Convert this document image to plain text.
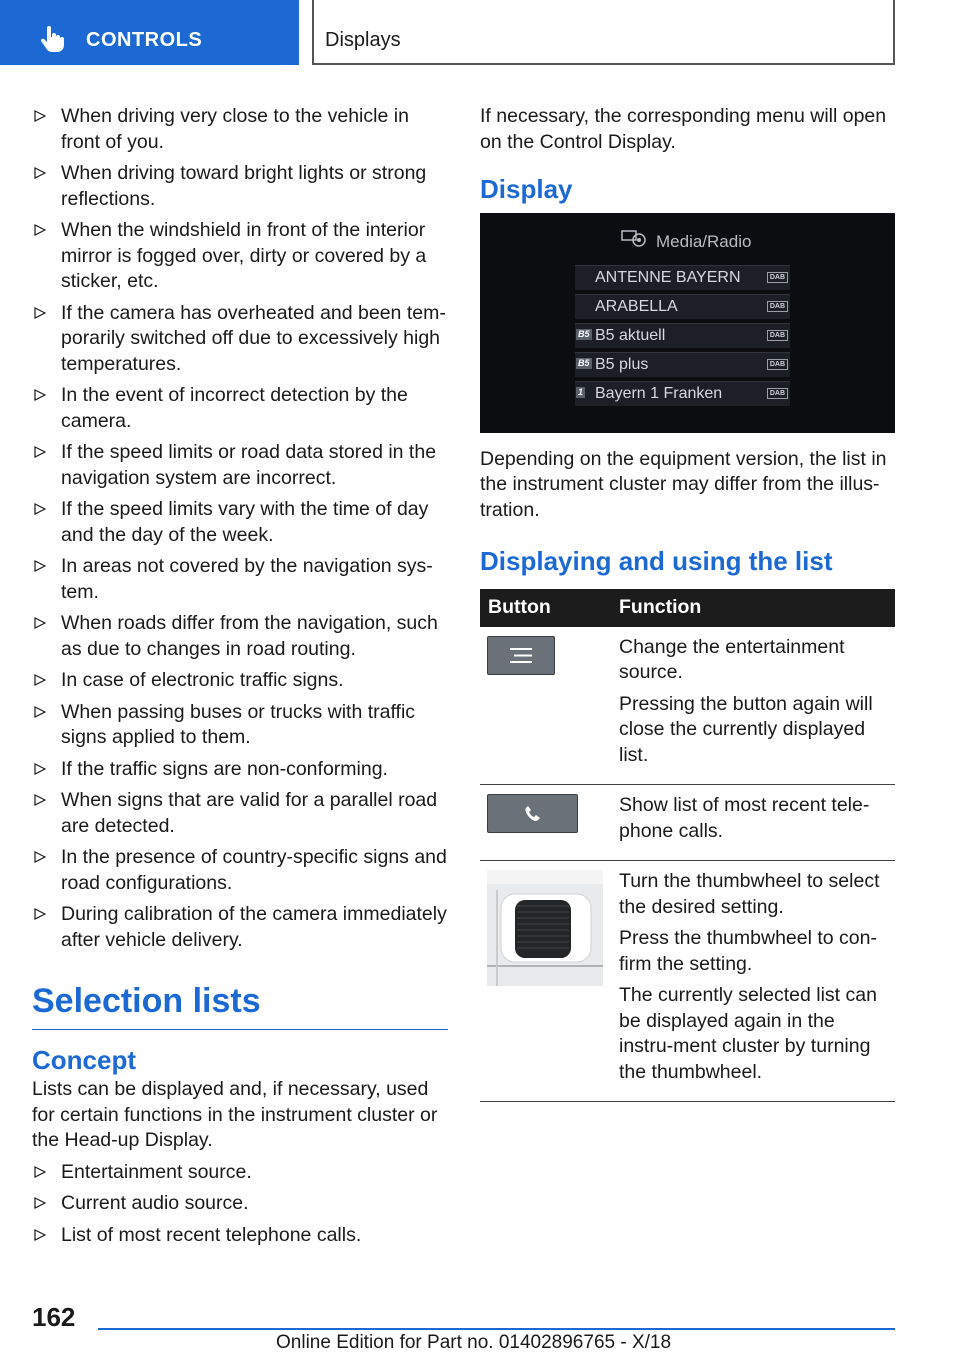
CONTROLS	Displays
When driving very close to the vehicle in front of you.
When driving toward bright lights or strong reflections.
When the windshield in front of the interior mirror is fogged over, dirty or covered by a sticker, etc.
If the camera has overheated and been tem‐porarily switched off due to excessively high temperatures.
In the event of incorrect detection by the camera.
If the speed limits or road data stored in the navigation system are incorrect.
If the speed limits vary with the time of day and the day of the week.
In areas not covered by the navigation sys‐tem.
When roads differ from the navigation, such as due to changes in road routing.
In case of electronic traffic signs.
When passing buses or trucks with traffic signs applied to them.
If the traffic signs are non-conforming.
When signs that are valid for a parallel road are detected.
In the presence of country-specific signs and road configurations.
During calibration of the camera immediately after vehicle delivery.
Selection lists
Concept

Lists can be displayed and, if necessary, used for certain functions in the instrument cluster or the Head-up Display.

Entertainment source.
Current audio source.
List of most recent telephone calls.

If necessary, the corresponding menu will open on the Control Display.

Display
Media/Radio
ANTENNE BAYERN	DAB
ARABELLA	DAB
B5 B5 aktuell	DAB
B5 B5 plus	DAB
1 Bayern 1 Franken	DAB

Depending on the equipment version, the list in the instrument cluster may differ from the illus‐tration.

Displaying and using the list
Button	Function

Change the entertainment source.

Pressing the button again will close the currently displayed list.

Show list of most recent tele‐phone calls.

Turn the thumbwheel to select the desired setting.

Press the thumbwheel to con‐firm the setting.

The currently selected list can be displayed again in the instru‐ment cluster by turning the thumbwheel.

162
Online Edition for Part no. 01402896765 - X/18
